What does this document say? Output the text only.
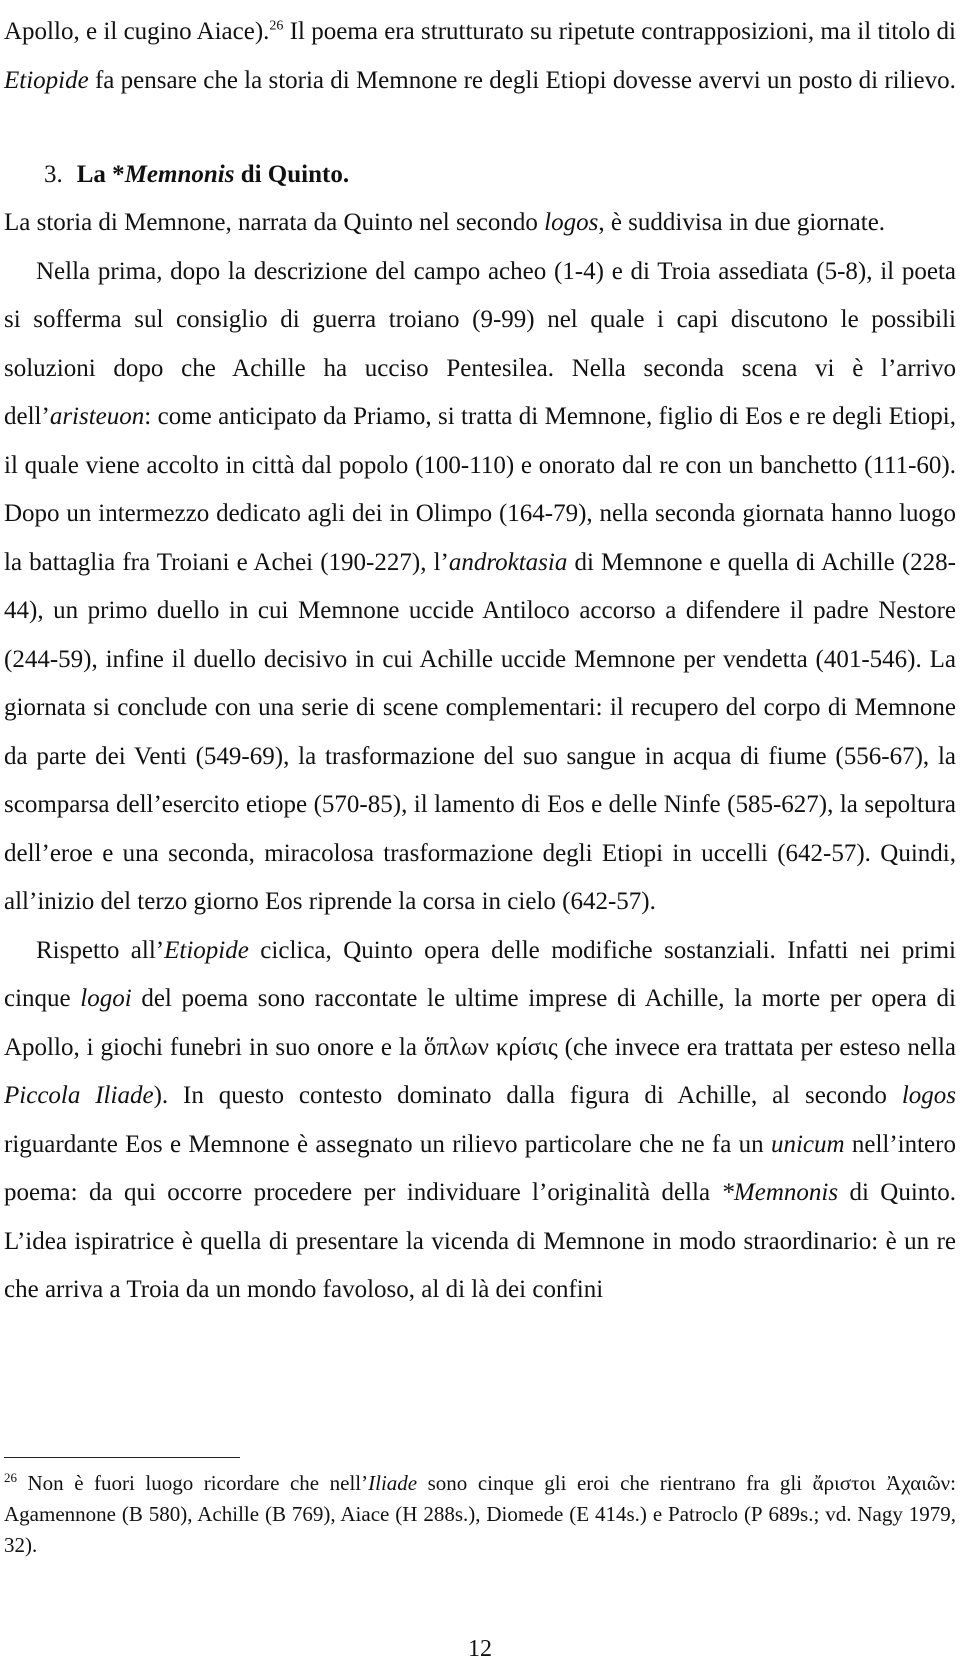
Apollo, e il cugino Aiace).$^{26}$ Il poema era strutturato su ripetute contrapposizioni, ma il titolo di Etiopide fa pensare che la storia di Memnone re degli Etiopi dovesse avervi un posto di rilievo.

3. La *Memnonis di Quinto.

La storia di Memnone, narrata da Quinto nel secondo logos, è suddivisa in due giornate.

Nella prima, dopo la descrizione del campo acheo (1-4) e di Troia assediata (5-8), il poeta si sofferma sul consiglio di guerra troiano (9-99) nel quale i capi discutono le possibili soluzioni dopo che Achille ha ucciso Pentesilea. Nella seconda scena vi è l’arrivo dell’aristeuon: come anticipato da Priamo, si tratta di Memnone, figlio di Eos e re degli Etiopi, il quale viene accolto in città dal popolo (100-110) e onorato dal re con un banchetto (111-60). Dopo un intermezzo dedicato agli dei in Olimpo (164-79), nella seconda giornata hanno luogo la battaglia fra Troiani e Achei (190-227), l’androktasia di Memnone e quella di Achille (228-44), un primo duello in cui Memnone uccide Antiloco accorso a difendere il padre Nestore (244-59), infine il duello decisivo in cui Achille uccide Memnone per vendetta (401-546). La giornata si conclude con una serie di scene complementari: il recupero del corpo di Memnone da parte dei Venti (549-69), la trasformazione del suo sangue in acqua di fiume (556-67), la scomparsa dell’esercito etiope (570-85), il lamento di Eos e delle Ninfe (585-627), la sepoltura dell’eroe e una seconda, miracolosa trasformazione degli Etiopi in uccelli (642-57). Quindi, all’inizio del terzo giorno Eos riprende la corsa in cielo (642-57).

Rispetto all’Etiopide ciclica, Quinto opera delle modifiche sostanziali. Infatti nei primi cinque logoi del poema sono raccontate le ultime imprese di Achille, la morte per opera di Apollo, i giochi funebri in suo onore e la ὅπλων κρίσις (che invece era trattata per esteso nella Piccola Iliade). In questo contesto dominato dalla figura di Achille, al secondo logos riguardante Eos e Memnone è assegnato un rilievo particolare che ne fa un unicum nell’intero poema: da qui occorre procedere per individuare l’originalità della *Memnonis di Quinto. L’idea ispiratrice è quella di presentare la vicenda di Memnone in modo straordinario: è un re che arriva a Troia da un mondo favoloso, al di là dei confini

$^{26}$ Non è fuori luogo ricordare che nell’Iliade sono cinque gli eroi che rientrano fra gli ἄριστοι Ἀχαιῶν: Agamennone (Β 580), Achille (Β 769), Aiace (Η 288s.), Diomede (Ε 414s.) e Patroclo (Ρ 689s.; vd. Nagy 1979, 32).

12
